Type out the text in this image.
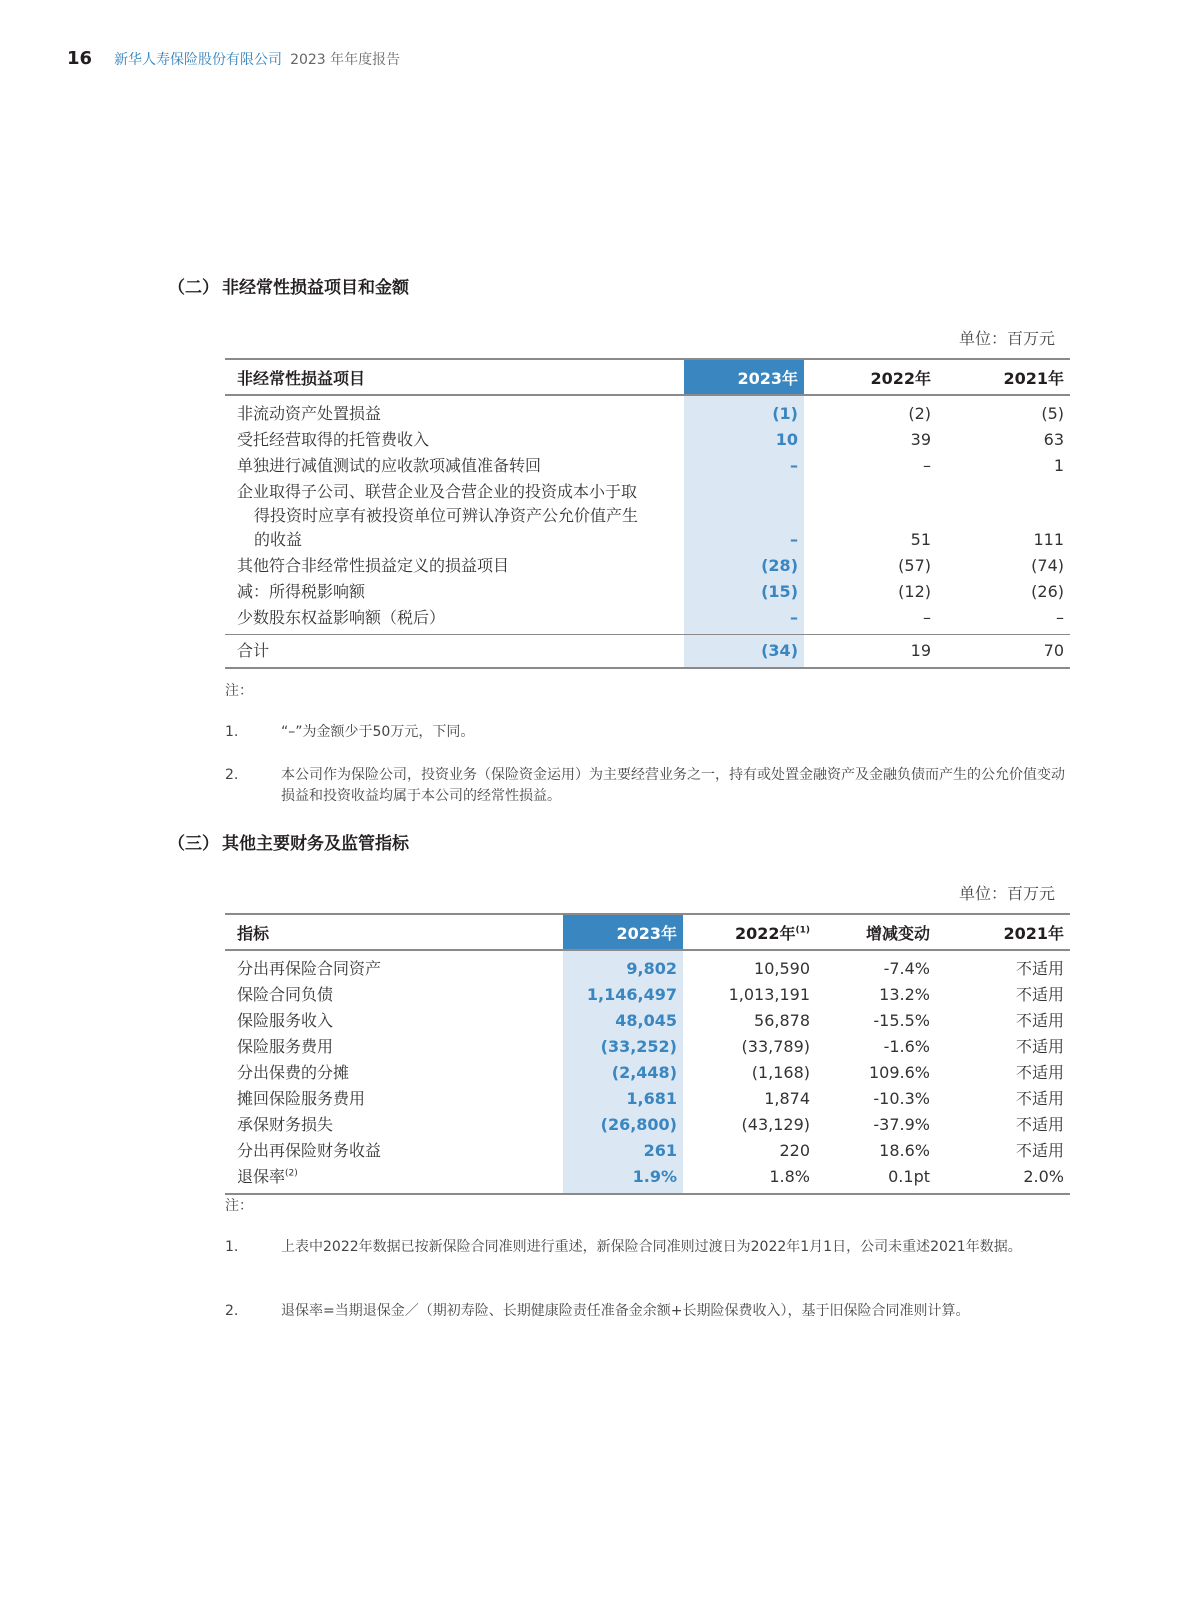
16 新华人寿保险股份有限公司 2023 年年度报告
（二） 非经常性损益项目和金额
单位：百万元
非经常性损益项目	2023年	2022年	2021年
非流动资产处置损益	(1)	(2)	(5)
受托经营取得的托管费收入	10	39	63
单独进行减值测试的应收款项减值准备转回	–	–	1
企业取得子公司、联营企业及合营企业的投资成本小于取
得投资时应享有被投资单位可辨认净资产公允价值产生
的收益	–	51	111
其他符合非经常性损益定义的损益项目	(28)	(57)	(74)
减：所得税影响额	(15)	(12)	(26)
少数股东权益影响额（税后）	–	–	–
合计	(34)	19	70
注：
1.	“–”为金额少于50万元，下同。
2.	本公司作为保险公司，投资业务（保险资金运用）为主要经营业务之一，持有或处置金融资产及金融负债而产生的公允价值变动损益和投资收益均属于本公司的经常性损益。
（三） 其他主要财务及监管指标
单位：百万元
指标	2023年	2022年$^{(1)}$	增减变动	2021年
分出再保险合同资产	9,802	10,590	-7.4%	不适用
保险合同负债	1,146,497	1,013,191	13.2%	不适用
保险服务收入	48,045	56,878	-15.5%	不适用
保险服务费用	(33,252)	(33,789)	-1.6%	不适用
分出保费的分摊	(2,448)	(1,168)	109.6%	不适用
摊回保险服务费用	1,681	1,874	-10.3%	不适用
承保财务损失	(26,800)	(43,129)	-37.9%	不适用
分出再保险财务收益	261	220	18.6%	不适用
退保率$^{(2)}$	1.9%	1.8%	0.1pt	2.0%
注：
1.	上表中2022年数据已按新保险合同准则进行重述，新保险合同准则过渡日为2022年1月1日，公司未重述2021年数据。
2.	退保率=当期退保金／（期初寿险、长期健康险责任准备金余额+长期险保费收入），基于旧保险合同准则计算。
